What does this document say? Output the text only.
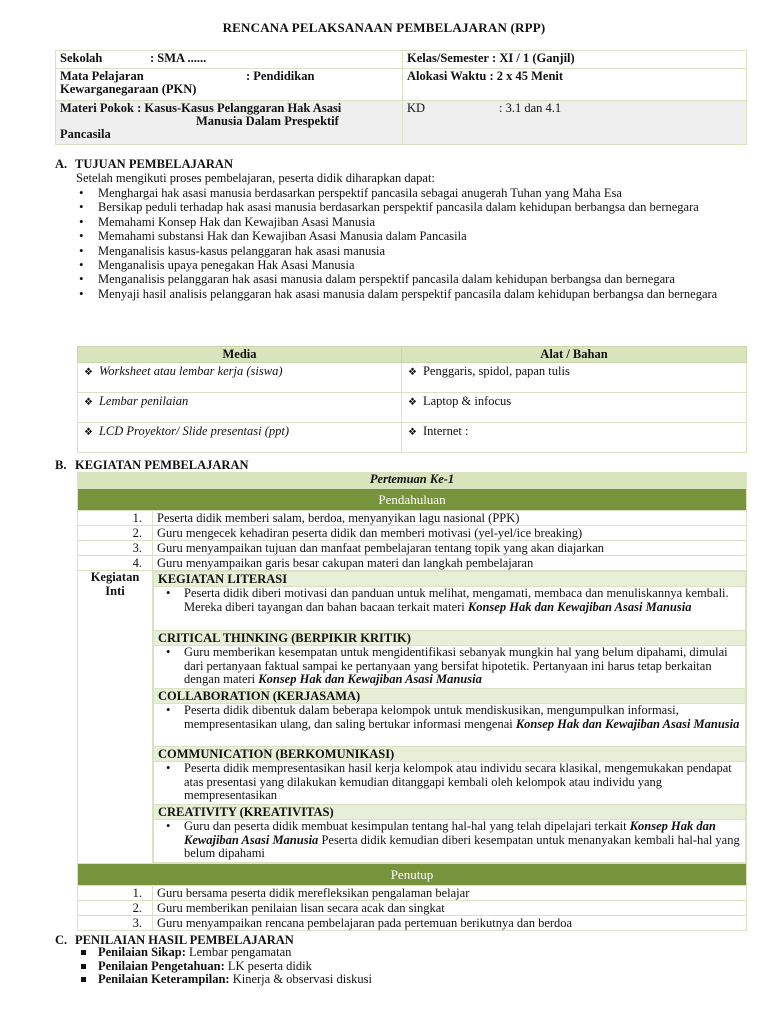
RENCANA PELAKSANAAN PEMBELAJARAN (RPP)
Sekolah : SMA ......	Kelas/Semester : XI / 1 (Ganjil)
Mata Pelajaran : Pendidikan
Kewarganegaraan (PKN)	Alokasi Waktu : 2 x 45 Menit
Materi Pokok : Kasus-Kasus Pelanggaran Hak Asasi
Manusia Dalam Prespektif
Pancasila	KD : 3.1 dan 4.1
A. TUJUAN PEMBELAJARAN
Setelah mengikuti proses pembelajaran, peserta didik diharapkan dapat:
• Menghargai hak asasi manusia berdasarkan perspektif pancasila sebagai anugerah Tuhan yang Maha Esa
• Bersikap peduli terhadap hak asasi manusia berdasarkan perspektif pancasila dalam kehidupan berbangsa dan bernegara
• Memahami Konsep Hak dan Kewajiban Asasi Manusia
• Memahami substansi Hak dan Kewajiban Asasi Manusia dalam Pancasila
• Menganalisis kasus-kasus pelanggaran hak asasi manusia
• Menganalisis upaya penegakan Hak Asasi Manusia
• Menganalisis pelanggaran hak asasi manusia dalam perspektif pancasila dalam kehidupan berbangsa dan bernegara
• Menyaji hasil analisis pelanggaran hak asasi manusia dalam perspektif pancasila dalam kehidupan berbangsa dan bernegara
Media	Alat / Bahan
❖ Worksheet atau lembar kerja (siswa)	❖ Penggaris, spidol, papan tulis
❖ Lembar penilaian	❖ Laptop & infocus
❖ LCD Proyektor/ Slide presentasi (ppt)	❖ Internet :
B. KEGIATAN PEMBELAJARAN
Pertemuan Ke-1
Pendahuluan
1.	Peserta didik memberi salam, berdoa, menyanyikan lagu nasional (PPK)
2.	Guru mengecek kehadiran peserta didik dan memberi motivasi (yel-yel/ice breaking)
3.	Guru menyampaikan tujuan dan manfaat pembelajaran tentang topik yang akan diajarkan
4.	Guru menyampaikan garis besar cakupan materi dan langkah pembelajaran

Kegiatan
Inti

KEGIATAN LITERASI

• Peserta didik diberi motivasi dan panduan untuk melihat, mengamati, membaca dan menuliskannya kembali. Mereka diberi tayangan dan bahan bacaan terkait materi Konsep Hak dan Kewajiban Asasi Manusia

CRITICAL THINKING (BERPIKIR KRITIK)

• Guru memberikan kesempatan untuk mengidentifikasi sebanyak mungkin hal yang belum dipahami, dimulai dari pertanyaan faktual sampai ke pertanyaan yang bersifat hipotetik. Pertanyaan ini harus tetap berkaitan dengan materi Konsep Hak dan Kewajiban Asasi Manusia

COLLABORATION (KERJASAMA)

• Peserta didik dibentuk dalam beberapa kelompok untuk mendiskusikan, mengumpulkan informasi, mempresentasikan ulang, dan saling bertukar informasi mengenai Konsep Hak dan Kewajiban Asasi Manusia

COMMUNICATION (BERKOMUNIKASI)

• Peserta didik mempresentasikan hasil kerja kelompok atau individu secara klasikal, mengemukakan pendapat atas presentasi yang dilakukan kemudian ditanggapi kembali oleh kelompok atau individu yang mempresentasikan

CREATIVITY (KREATIVITAS)

• Guru dan peserta didik membuat kesimpulan tentang hal-hal yang telah dipelajari terkait Konsep Hak dan Kewajiban Asasi Manusia Peserta didik kemudian diberi kesempatan untuk menanyakan kembali hal-hal yang belum dipahami

Penutup
1.	Guru bersama peserta didik merefleksikan pengalaman belajar
2.	Guru memberikan penilaian lisan secara acak dan singkat
3.	Guru menyampaikan rencana pembelajaran pada pertemuan berikutnya dan berdoa
C. PENILAIAN HASIL PEMBELAJARAN
Penilaian Sikap: Lembar pengamatan
Penilaian Pengetahuan: LK peserta didik
Penilaian Keterampilan: Kinerja & observasi diskusi
